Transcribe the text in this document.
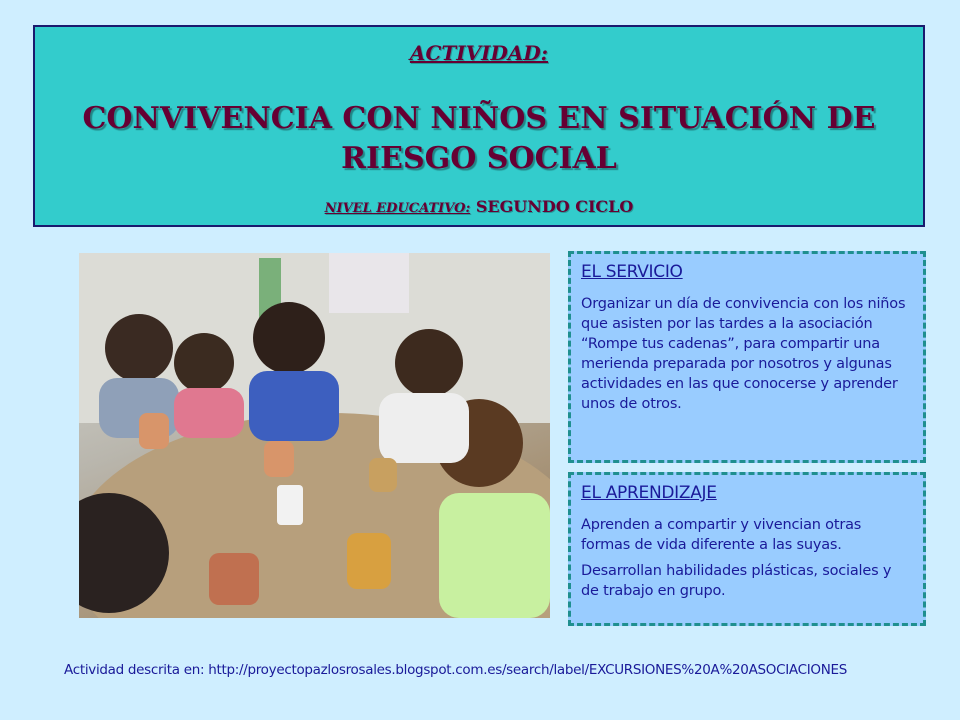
ACTIVIDAD:
CONVIVENCIA CON NIÑOS EN SITUACIÓN DE RIESGO SOCIAL
NIVEL EDUCATIVO: SEGUNDO CICLO
EL SERVICIO

Organizar un día de convivencia con los niños que asisten por las tardes a la asociación “Rompe tus cadenas”, para compartir una merienda preparada por nosotros y algunas actividades en las que conocerse y aprender unos de otros.

EL APRENDIZAJE

Aprenden a compartir y vivencian otras formas de vida diferente a las suyas.

Desarrollan habilidades plásticas, sociales y de trabajo en grupo.

Actividad descrita en: http://proyectopazlosrosales.blogspot.com.es/search/label/EXCURSIONES%20A%20ASOCIACIONES
